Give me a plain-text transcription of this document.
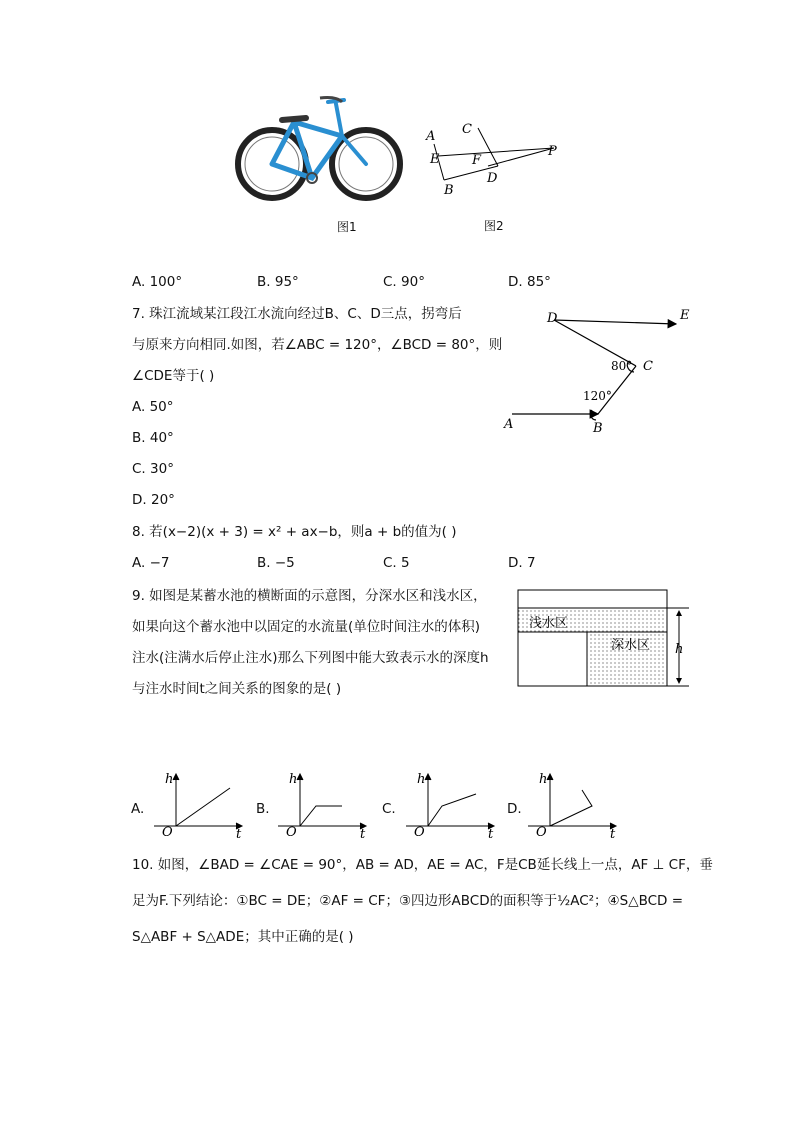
图1
A C
E	F
P
D
B
图2
A. 100°	B. 95°	C. 90°	D. 85°
7. 珠江流域某江段江水流向经过B、C、D三点，拐弯后
与原来方向相同.如图，若∠ABC = 120°，∠BCD = 80°，则
∠CDE等于( )
A. 50°
B. 40°
C. 30°
D. 20°
D	E
C
A	B
80°
120°
8. 若(x−2)(x + 3) = x² + ax−b，则a + b的值为( )
A. −7	B. −5	C. 5	D. 7
9. 如图是某蓄水池的横断面的示意图，分深水区和浅水区，
如果向这个蓄水池中以固定的水流量(单位时间注水的体积)
注水(注满水后停止注水)那么下列图中能大致表示水的深度h
与注水时间t之间关系的图象的是( )
浅水区
深水区 h
A.
h
t
O
B.
h
t
O
C.
h
t
O
D.
h
t
O
10. 如图，∠BAD = ∠CAE = 90°，AB = AD，AE = AC，F是CB延长线上一点，AF ⊥ CF，垂
足为F.下列结论：①BC = DE；②AF = CF；③四边形ABCD的面积等于½AC²；④S△BCD =
S△ABF + S△ADE；其中正确的是( )
